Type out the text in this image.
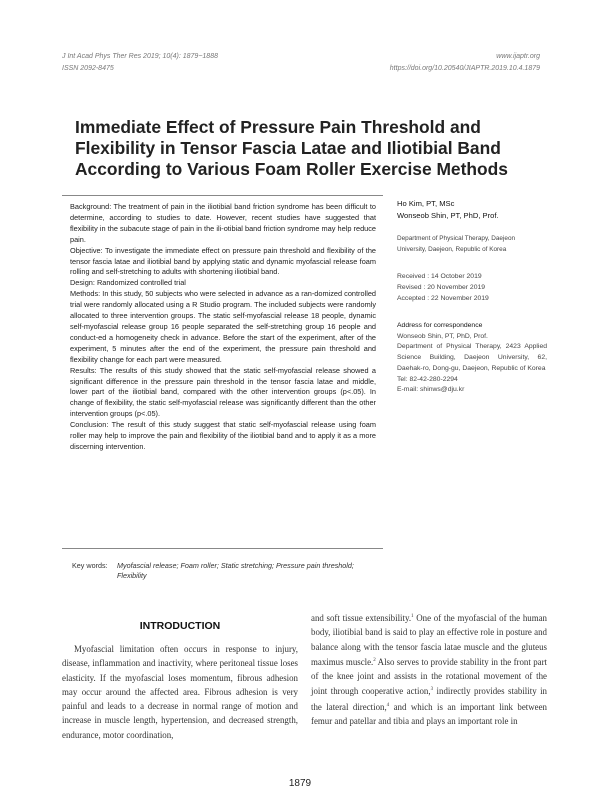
J Int Acad Phys Ther Res 2019; 10(4): 1879~1888
ISSN 2092-8475
www.ijaptr.org
https://doi.org/10.20540/JIAPTR.2019.10.4.1879
Immediate Effect of Pressure Pain Threshold and Flexibility in Tensor Fascia Latae and Iliotibial Band According to Various Foam Roller Exercise Methods

Background: The treatment of pain in the iliotibial band friction syndrome has been difficult to determine, according to studies to date. However, recent studies have suggested that flexibility in the subacute stage of pain in the ili-otibial band friction syndrome may help reduce pain.

Objective: To investigate the immediate effect on pressure pain threshold and flexibility of the tensor fascia latae and iliotibial band by applying static and dynamic myofascial release foam rolling and self-stretching to adults with shortening iliotibial band.

Design: Randomized controlled trial

Methods: In this study, 50 subjects who were selected in advance as a ran-domized controlled trial were randomly allocated using a R Studio program. The included subjects were randomly allocated to three intervention groups. The static self-myofascial release 18 people, dynamic self-myofascial release group 16 people separated the self-stretching group 16 people and conduct-ed a homogeneity check in advance. Before the start of the experiment, after of the experiment, 5 minutes after the end of the experiment, the pressure pain threshold and flexibility change for each part were measured.

Results: The results of this study showed that the static self-myofascial release showed a significant difference in the pressure pain threshold in the tensor fascia latae and middle, lower part of the iliotibial band, compared with the other intervention groups (p<.05). In change of flexibility, the static self-myofascial release was significantly different than the other intervention groups (p<.05).

Conclusion: The result of this study suggest that static self-myofascial release using foam roller may help to improve the pain and flexibility of the iliotibial band and to apply it as a more discerning intervention.

Ho Kim, PT, MSc
Wonseob Shin, PT, PhD, Prof.
Department of Physical Therapy, Daejeon
University, Daejeon, Republic of Korea
Received : 14 October 2019
Revised : 20 November 2019
Accepted : 22 November 2019
Address for correspondence
Wonseob Shin, PT, PhD, Prof.
Department of Physical Therapy, 2423 Applied Science Building, Daejeon University, 62, Daehak-ro, Dong-gu, Daejeon, Republic of Korea
Tel: 82-42-280-2294
E-mail: shinws@dju.kr
Key words:	Myofascial release; Foam roller; Static stretching; Pressure pain threshold; Flexibility
INTRODUCTION

Myofascial limitation often occurs in response to injury, disease, inflammation and inactivity, where peritoneal tissue loses elasticity. If the myofascial loses momentum, fibrous adhesion may occur around the affected area. Fibrous adhesion is very painful and leads to a decrease in normal range of motion and increase in muscle length, hypertension, and decreased strength, endurance, motor coordination,

and soft tissue extensibility.$^1$ One of the myofascial of the human body, iliotibial band is said to play an effective role in posture and balance along with the tensor fascia latae muscle and the gluteus maximus muscle.$^2$ Also serves to provide stability in the front part of the knee joint and assists in the rotational movement of the joint through cooperative action,$^3$ indirectly provides stability in the lateral direction,$^4$ and which is an important link between femur and patellar and tibia and plays an important role in

1879
